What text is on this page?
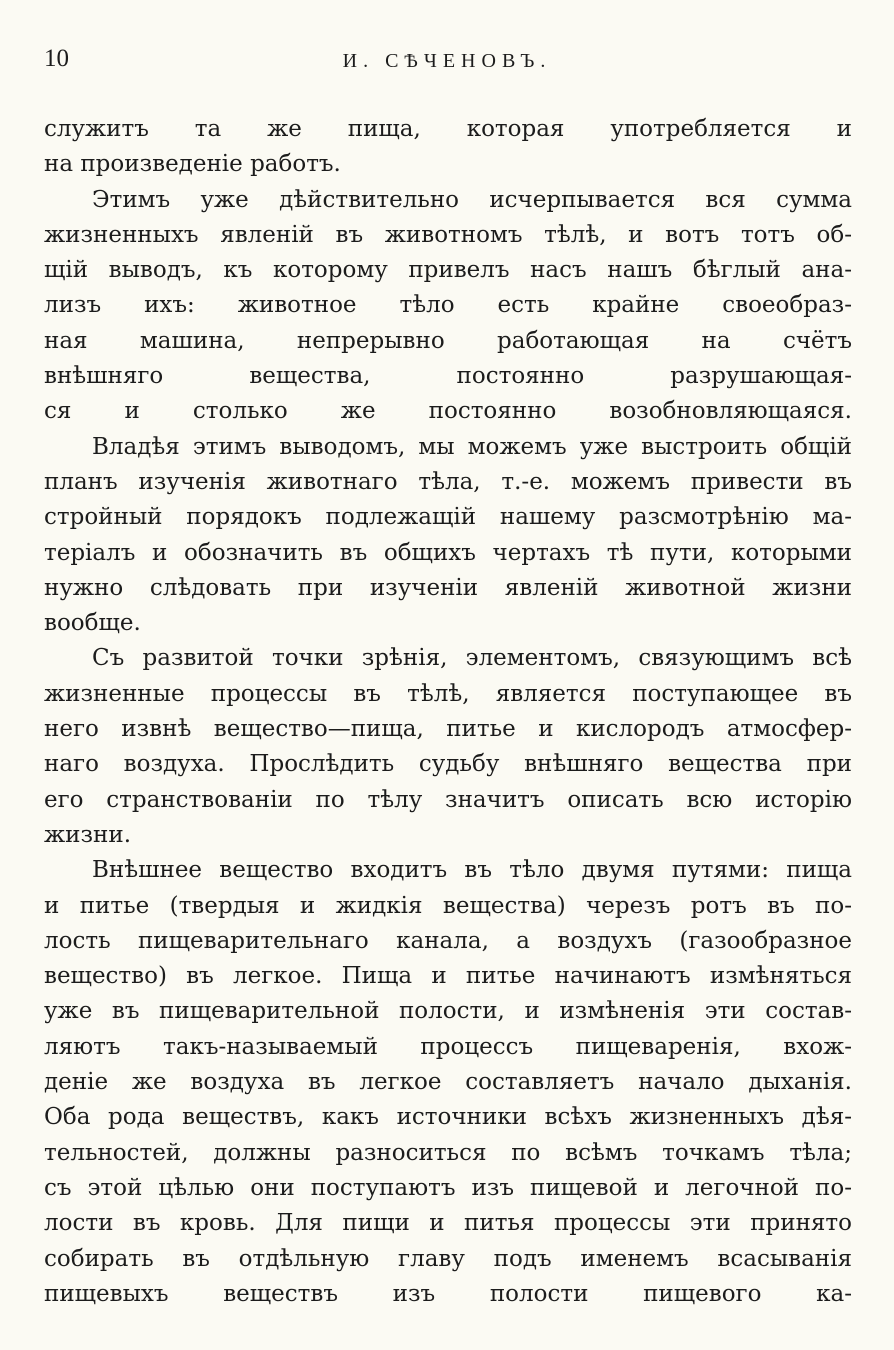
10	И. СѢЧЕНОВЪ.
служитъ та же пища, которая употребляется и
на произведеніе работъ.
Этимъ уже дѣйствительно исчерпывается вся сумма
жизненныхъ явленій въ животномъ тѣлѣ, и вотъ тотъ об-
щій выводъ, къ которому привелъ насъ нашъ бѣглый ана-
лизъ ихъ: животное тѣло есть крайне своеобраз-
ная машина, непрерывно работающая на счётъ
внѣшняго вещества, постоянно разрушающая-
ся и столько же постоянно возобновляющаяся.
Владѣя этимъ выводомъ, мы можемъ уже выстроить общій
планъ изученія животнаго тѣла, т.-е. можемъ привести въ
стройный порядокъ подлежащій нашему разсмотрѣнію ма-
теріалъ и обозначить въ общихъ чертахъ тѣ пути, которыми
нужно слѣдовать при изученіи явленій животной жизни
вообще.
Съ развитой точки зрѣнія, элементомъ, связующимъ всѣ
жизненные процессы въ тѣлѣ, является поступающее въ
него извнѣ вещество—пища, питье и кислородъ атмосфер-
наго воздуха. Прослѣдить судьбу внѣшняго вещества при
его странствованіи по тѣлу значитъ описать всю исторію
жизни.
Внѣшнее вещество входитъ въ тѣло двумя путями: пища
и питье (твердыя и жидкія вещества) черезъ ротъ въ по-
лость пищеварительнаго канала, а воздухъ (газообразное
вещество) въ легкое. Пища и питье начинаютъ измѣняться
уже въ пищеварительной полости, и измѣненія эти состав-
ляютъ такъ-называемый процессъ пищеваренія, вхож-
деніе же воздуха въ легкое составляетъ начало дыханія.
Оба рода веществъ, какъ источники всѣхъ жизненныхъ дѣя-
тельностей, должны разноситься по всѣмъ точкамъ тѣла;
съ этой цѣлью они поступаютъ изъ пищевой и легочной по-
лости въ кровь. Для пищи и питья процессы эти принято
собирать въ отдѣльную главу подъ именемъ всасыванія
пищевыхъ веществъ изъ полости пищевого ка-
